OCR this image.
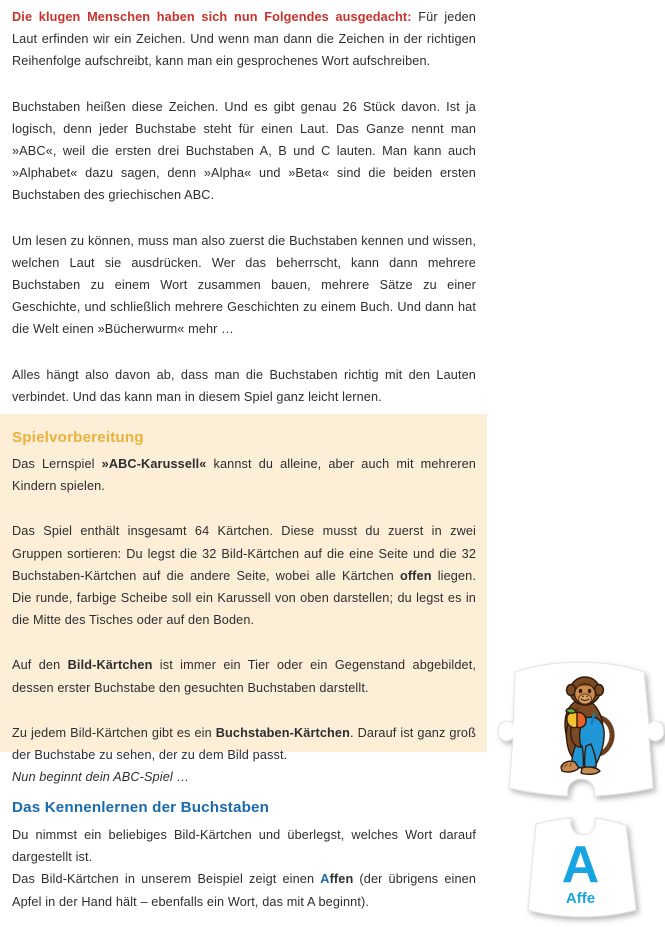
Die klugen Menschen haben sich nun Folgendes ausgedacht: Für jeden Laut erfinden wir ein Zeichen. Und wenn man dann die Zeichen in der richtigen Reihenfolge aufschreibt, kann man ein gesprochenes Wort aufschreiben.

Buchstaben heißen diese Zeichen. Und es gibt genau 26 Stück davon. Ist ja logisch, denn jeder Buchstabe steht für einen Laut. Das Ganze nennt man »ABC«, weil die ersten drei Buchstaben A, B und C lauten. Man kann auch »Alphabet« dazu sagen, denn »Alpha« und »Beta« sind die beiden ersten Buchstaben des griechischen ABC.

Um lesen zu können, muss man also zuerst die Buchstaben kennen und wissen, welchen Laut sie ausdrücken. Wer das beherrscht, kann dann mehrere Buchstaben zu einem Wort zusammen bauen, mehrere Sätze zu einer Geschichte, und schließlich mehrere Geschichten zu einem Buch. Und dann hat die Welt einen »Bücherwurm« mehr …

Alles hängt also davon ab, dass man die Buchstaben richtig mit den Lauten verbindet. Und das kann man in diesem Spiel ganz leicht lernen.

Spielvorbereitung

Das Lernspiel »ABC-Karussell« kannst du alleine, aber auch mit mehreren Kindern spielen.

Das Spiel enthält insgesamt 64 Kärtchen. Diese musst du zuerst in zwei Gruppen sortieren: Du legst die 32 Bild-Kärtchen auf die eine Seite und die 32 Buchstaben-Kärtchen auf die andere Seite, wobei alle Kärtchen offen liegen. Die runde, farbige Scheibe soll ein Karussell von oben darstellen; du legst es in die Mitte des Tisches oder auf den Boden.

Auf den Bild-Kärtchen ist immer ein Tier oder ein Gegenstand abgebildet, dessen erster Buchstabe den gesuchten Buchstaben darstellt.

Zu jedem Bild-Kärtchen gibt es ein Buchstaben-Kärtchen. Darauf ist ganz groß der Buchstabe zu sehen, der zu dem Bild passt.

Nun beginnt dein ABC-Spiel …

Das Kennenlernen der Buchstaben

Du nimmst ein beliebiges Bild-Kärtchen und überlegst, welches Wort darauf dargestellt ist.

Das Bild-Kärtchen in unserem Beispiel zeigt einen Affen (der übrigens einen Apfel in der Hand hält – ebenfalls ein Wort, das mit A beginnt).

A
Affe
